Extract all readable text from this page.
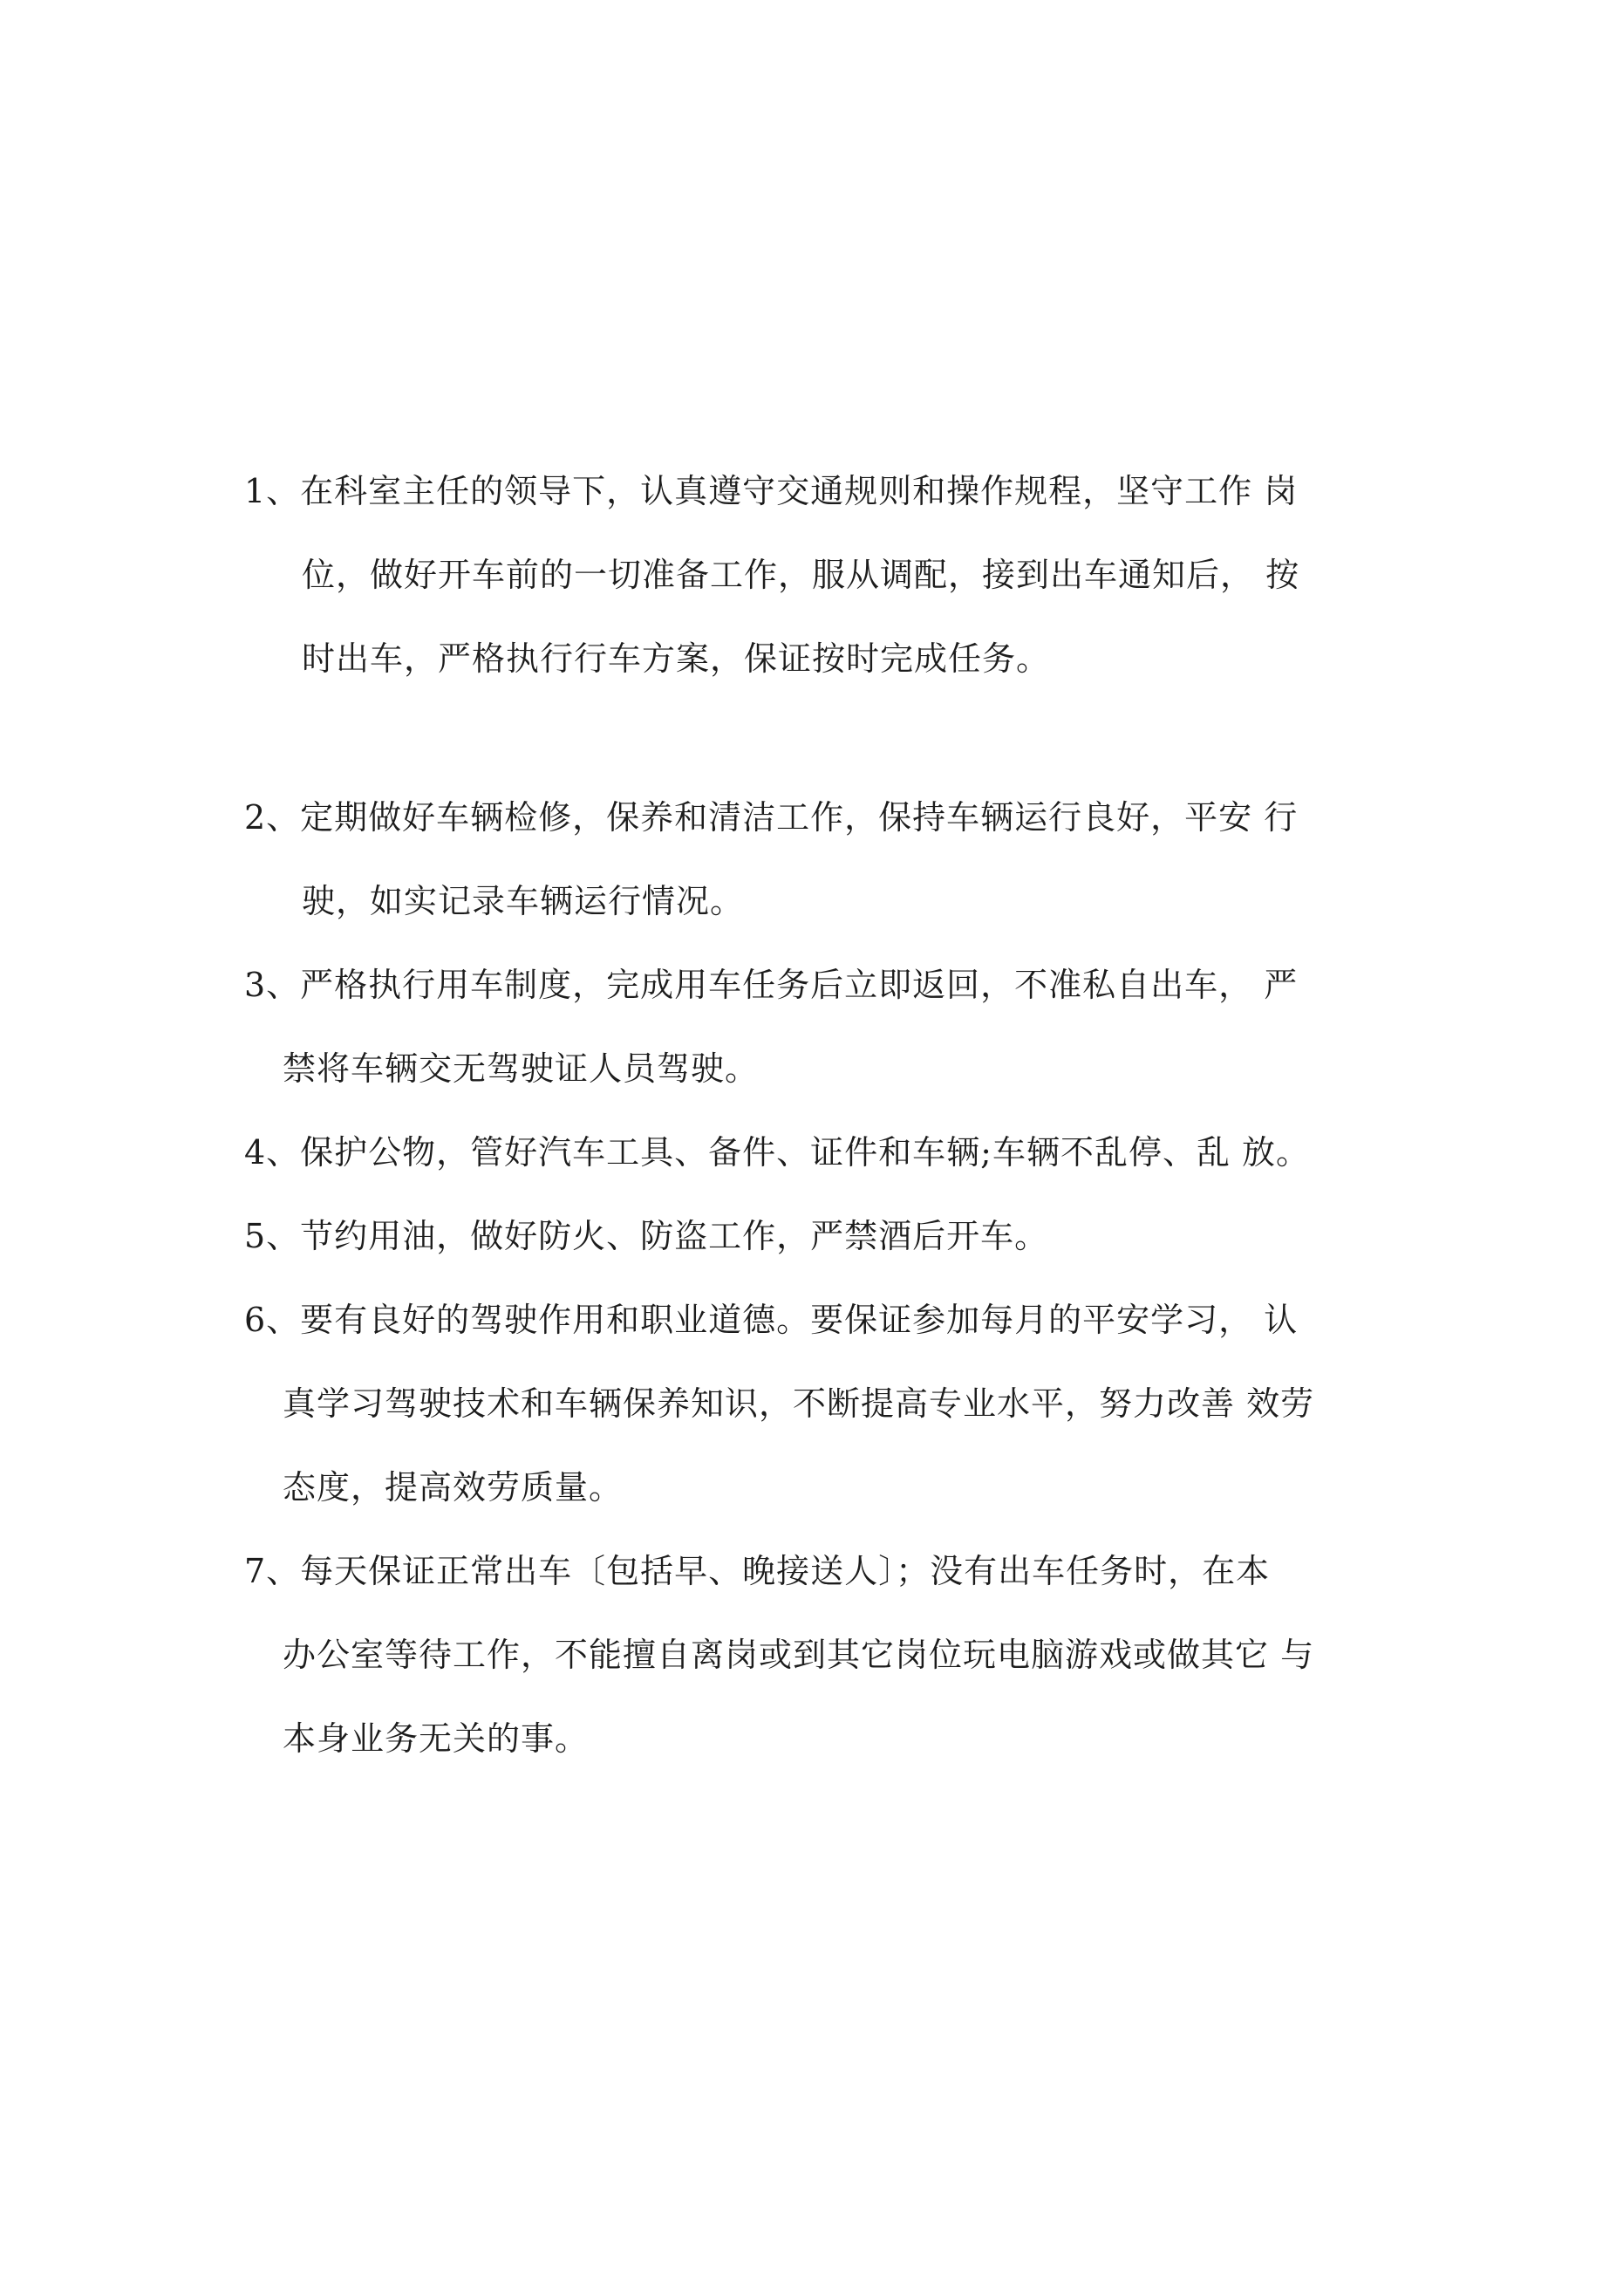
1、在科室主任的领导下，认真遵守交通规则和操作规程，坚守工作 岗
位，做好开车前的一切准备工作，服从调配，接到出车通知后， 按
时出车，严格执行行车方案，保证按时完成任务。
2、定期做好车辆检修，保养和清洁工作，保持车辆运行良好，平安 行
驶，如实记录车辆运行情况。
3、严格执行用车制度，完成用车任务后立即返回，不准私自出车， 严
禁将车辆交无驾驶证人员驾驶。
4、保护公物，管好汽车工具、备件、证件和车辆;车辆不乱停、乱 放。
5、节约用油，做好防火、防盗工作，严禁酒后开车。
6、要有良好的驾驶作用和职业道德。要保证参加每月的平安学习， 认
真学习驾驶技术和车辆保养知识，不断提高专业水平，努力改善 效劳
态度，提高效劳质量。
7、每天保证正常出车〔包括早、晚接送人〕；没有出车任务时，在本
办公室等待工作，不能擅自离岗或到其它岗位玩电脑游戏或做其它 与
本身业务无关的事。
